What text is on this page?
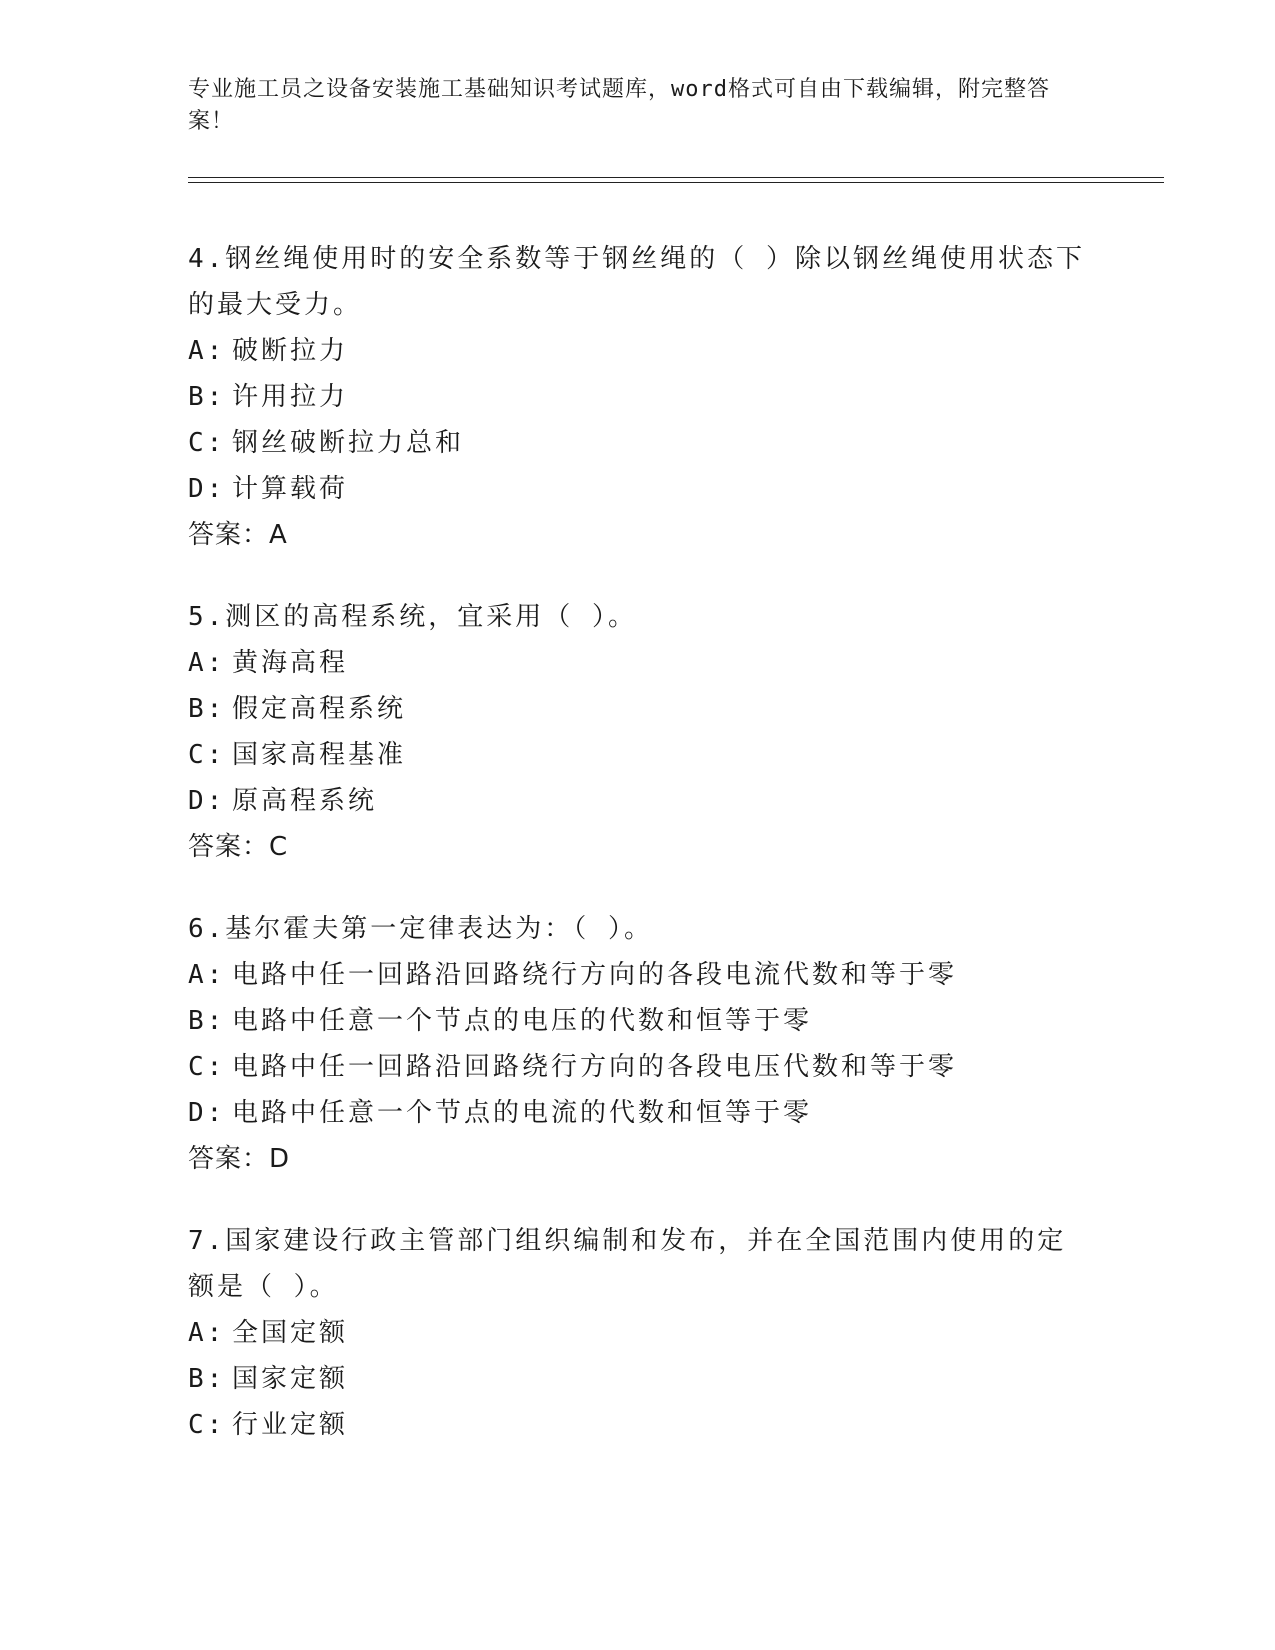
专业施工员之设备安装施工基础知识考试题库，word格式可自由下载编辑，附完整答案！

4.钢丝绳使用时的安全系数等于钢丝绳的（ ）除以钢丝绳使用状态下的最大受力。

A: 破断拉力

B: 许用拉力

C: 钢丝破断拉力总和

D: 计算载荷

答案：A

5.测区的高程系统，宜采用（ ）。

A: 黄海高程

B: 假定高程系统

C: 国家高程基准

D: 原高程系统

答案：C

6.基尔霍夫第一定律表达为：（ ）。

A: 电路中任一回路沿回路绕行方向的各段电流代数和等于零

B: 电路中任意一个节点的电压的代数和恒等于零

C: 电路中任一回路沿回路绕行方向的各段电压代数和等于零

D: 电路中任意一个节点的电流的代数和恒等于零

答案：D

7.国家建设行政主管部门组织编制和发布，并在全国范围内使用的定额是（ ）。

A: 全国定额

B: 国家定额

C: 行业定额
